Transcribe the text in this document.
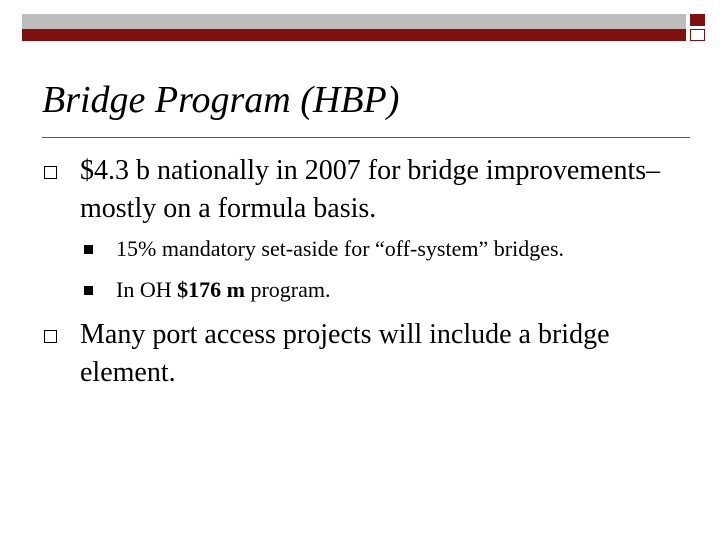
Bridge Program (HBP)
$4.3 b nationally in 2007 for bridge improvements– mostly on a formula basis.
15% mandatory set-aside for “off-system” bridges.
In OH $176 m program.
Many port access projects will include a bridge element.
